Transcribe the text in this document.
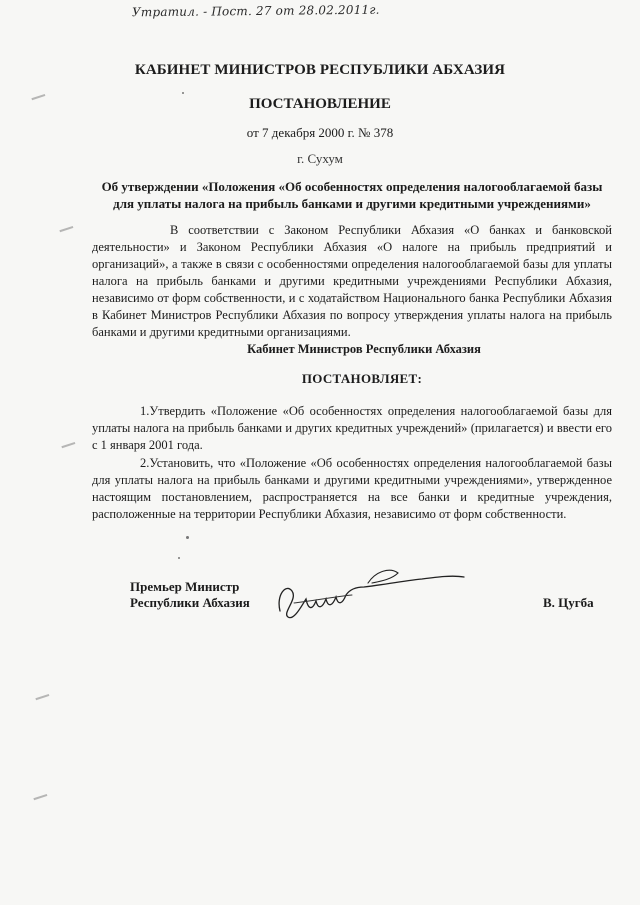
Утратил. - Пост. 27 от 28.02.2011г.
КАБИНЕТ МИНИСТРОВ РЕСПУБЛИКИ АБХАЗИЯ
ПОСТАНОВЛЕНИЕ
от 7 декабря 2000 г. № 378
г. Сухум
Об утверждении «Положения «Об особенностях определения налогооблагаемой базы для уплаты налога на прибыль банками и другими кредитными учреждениями»

В соответствии с Законом Республики Абхазия «О банках и банковской деятельности» и Законом Республики Абхазия «О налоге на прибыль предприятий и организаций», а также в связи с особенностями определения налогооблагаемой базы для уплаты налога на прибыль банками и другими кредитными учреждениями Республики Абхазия, независимо от форм собственности, и с ходатайством Национального банка Республики Абхазия в Кабинет Министров Республики Абхазия по вопросу утверждения уплаты налога на прибыль банками и другими кредитными организациями.

Кабинет Министров Республики Абхазия
ПОСТАНОВЛЯЕТ:

1.Утвердить «Положение «Об особенностях определения налогооблагаемой базы для уплаты налога на прибыль банками и других кредитных учреждений» (прилагается) и ввести его с 1 января 2001 года.

2.Установить, что «Положение «Об особенностях определения налогооблагаемой базы для уплаты налога на прибыль банками и другими кредитными учреждениями», утвержденное настоящим постановлением, распространяется на все банки и кредитные учреждения, расположенные на территории Республики Абхазия, независимо от форм собственности.

Премьер Министр
Республики Абхазия	В. Цугба
